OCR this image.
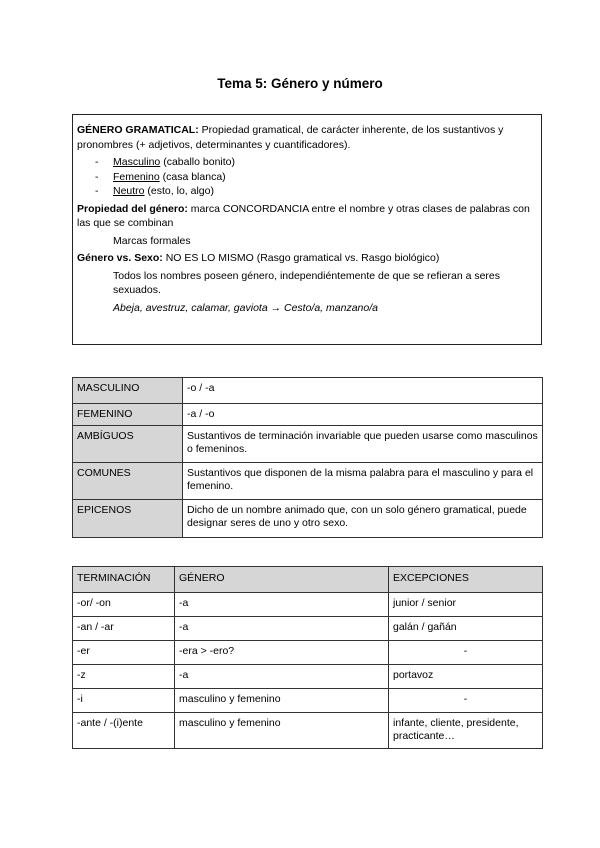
Tema 5: Género y número

GÉNERO GRAMATICAL: Propiedad gramatical, de carácter inherente, de los sustantivos y pronombres (+ adjetivos, determinantes y cuantificadores).

- Masculino (caballo bonito)
- Femenino (casa blanca)
- Neutro (esto, lo, algo)

Propiedad del género: marca CONCORDANCIA entre el nombre y otras clases de palabras con las que se combinan

Marcas formales

Género vs. Sexo: NO ES LO MISMO (Rasgo gramatical vs. Rasgo biológico)

Todos los nombres poseen género, independiéntemente de que se refieran a seres sexuados.

Abeja, avestruz, calamar, gaviota → Cesto/a, manzano/a

MASCULINO	-o / -a
FEMENINO	-a / -o
AMBÍGUOS	Sustantivos de terminación invariable que pueden usarse como masculinos o femeninos.
COMUNES	Sustantivos que disponen de la misma palabra para el masculino y para el femenino.
EPICENOS	Dicho de un nombre animado que, con un solo género gramatical, puede designar seres de uno y otro sexo.
TERMINACIÓN	GÉNERO	EXCEPCIONES
-or/ -on	-a	junior / senior
-an / -ar	-a	galán / gañán
-er	-era > -ero?	-
-z	-a	portavoz
-i	masculino y femenino	-
-ante / -(i)ente	masculino y femenino	infante, cliente, presidente, practicante…
